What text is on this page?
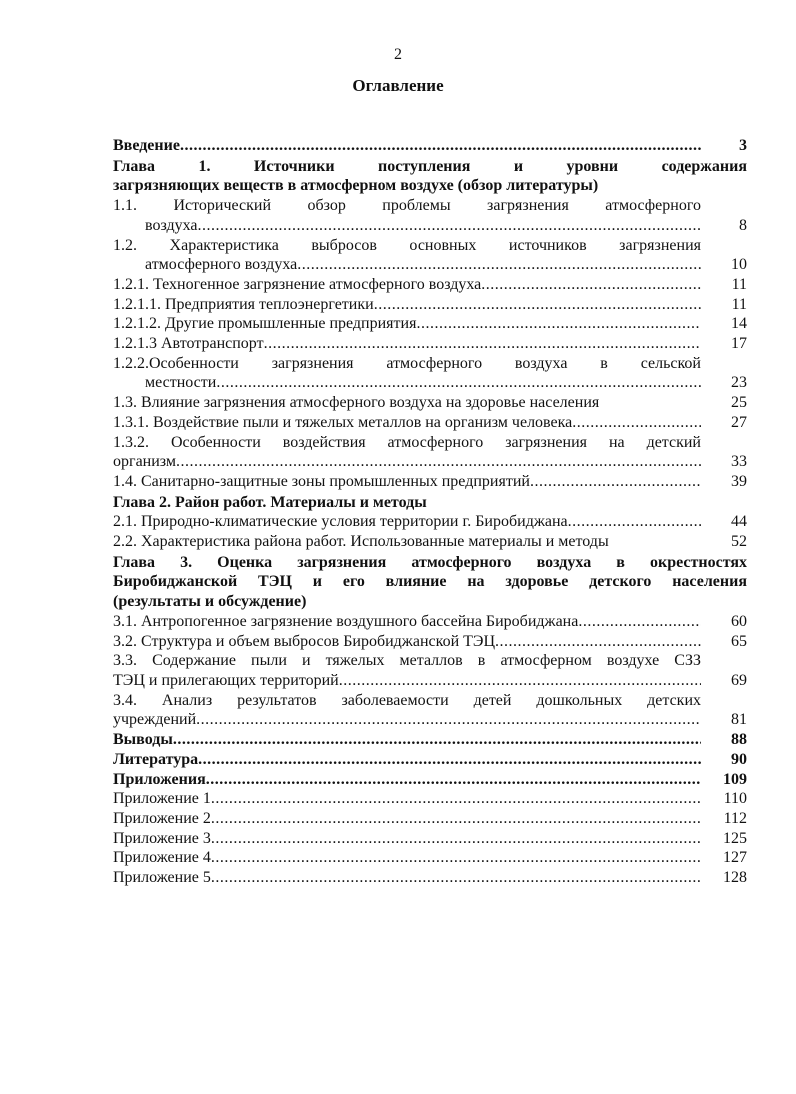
2
Оглавление
Введение .....	3
Глава 1. Источники поступления и уровни содержания
загрязняющих веществ в атмосферном воздухе (обзор литературы)
1.1. Исторический обзор проблемы загрязнения атмосферного
воздуха .....	8
1.2. Характеристика выбросов основных источников загрязнения
атмосферного воздуха .....	10
1.2.1. Техногенное загрязнение атмосферного воздуха .....	11
1.2.1.1. Предприятия теплоэнергетики .....	11
1.2.1.2. Другие промышленные предприятия .....	14
1.2.1.3 Автотранспорт .....	17
1.2.2.Особенности загрязнения атмосферного воздуха в сельской
местности .....	23
1.3. Влияние загрязнения атмосферного воздуха на здоровье населения	25
1.3.1. Воздействие пыли и тяжелых металлов на организм человека .....	27
1.3.2. Особенности воздействия атмосферного загрязнения на детский
организм .....	33
1.4. Санитарно-защитные зоны промышленных предприятий .....	39
Глава 2. Район работ. Материалы и методы
2.1. Природно-климатические условия территории г. Биробиджана .....	44
2.2. Характеристика района работ. Использованные материалы и методы	52
Глава 3. Оценка загрязнения атмосферного воздуха в окрестностях
Биробиджанской ТЭЦ и его влияние на здоровье детского населения
(результаты и обсуждение)
3.1. Антропогенное загрязнение воздушного бассейна Биробиджана .....	60
3.2. Структура и объем выбросов Биробиджанской ТЭЦ .....	65
3.3. Содержание пыли и тяжелых металлов в атмосферном воздухе СЗЗ
ТЭЦ и прилегающих территорий .....	69
3.4. Анализ результатов заболеваемости детей дошкольных детских
учреждений .....	81
Выводы .....	88
Литература .....	90
Приложения .....	109
Приложение 1 .....	110
Приложение 2 .....	112
Приложение 3 .....	125
Приложение 4 .....	127
Приложение 5 .....	128
